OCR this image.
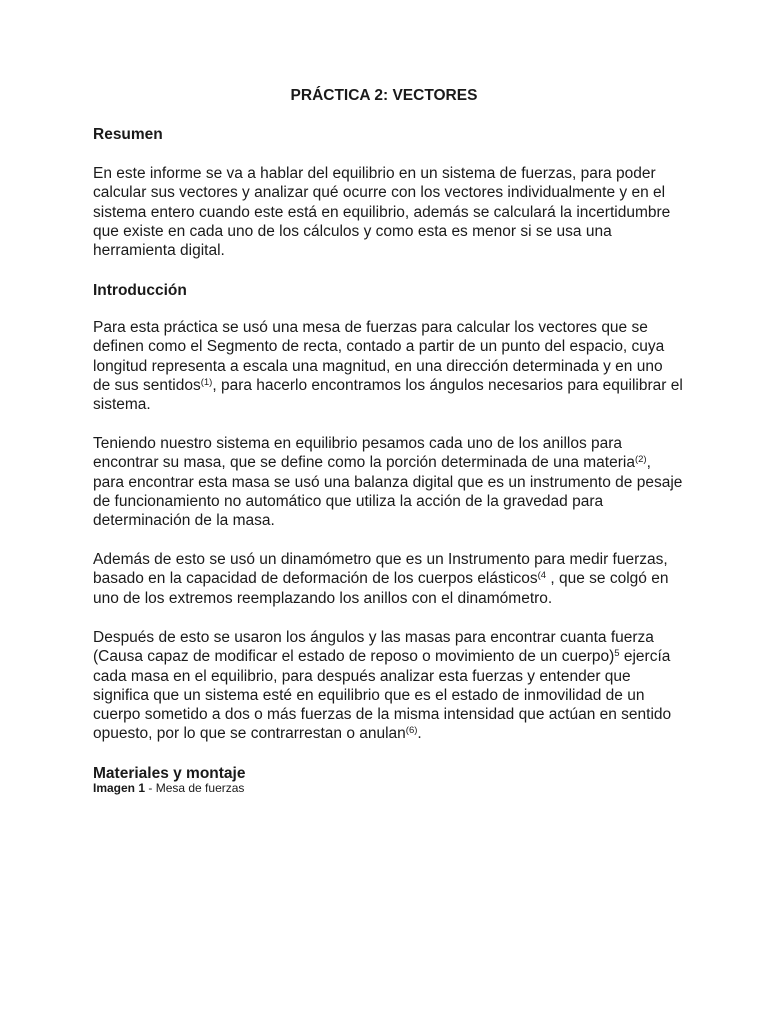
PRÁCTICA 2: VECTORES
Resumen

En este informe se va a hablar del equilibrio en un sistema de fuerzas, para poder calcular sus vectores y analizar qué ocurre con los vectores individualmente y en el sistema entero cuando este está en equilibrio, además se calculará la incertidumbre que existe en cada uno de los cálculos y como esta es menor si se usa una herramienta digital.

Introducción

Para esta práctica se usó una mesa de fuerzas para calcular los vectores que se definen como el Segmento de recta, contado a partir de un punto del espacio, cuya longitud representa a escala una magnitud, en una dirección determinada y en uno de sus sentidos$^{(1)}$, para hacerlo encontramos los ángulos necesarios para equilibrar el sistema.

Teniendo nuestro sistema en equilibrio pesamos cada uno de los anillos para encontrar su masa, que se define como la porción determinada de una materia$^{(2)}$, para encontrar esta masa se usó una balanza digital que es un instrumento de pesaje de funcionamiento no automático que utiliza la acción de la gravedad para determinación de la masa.

Además de esto se usó un dinamómetro que es un Instrumento para medir fuerzas, basado en la capacidad de deformación de los cuerpos elásticos$^{(4}$ , que se colgó en uno de los extremos reemplazando los anillos con el dinamómetro.

Después de esto se usaron los ángulos y las masas para encontrar cuanta fuerza (Causa capaz de modificar el estado de reposo o movimiento de un cuerpo)$^5$ ejercía cada masa en el equilibrio, para después analizar esta fuerzas y entender que significa que un sistema esté en equilibrio que es el estado de inmovilidad de un cuerpo sometido a dos o más fuerzas de la misma intensidad que actúan en sentido opuesto, por lo que se contrarrestan o anulan$^{(6)}$.

Materiales y montaje

Imagen 1 - Mesa de fuerzas
